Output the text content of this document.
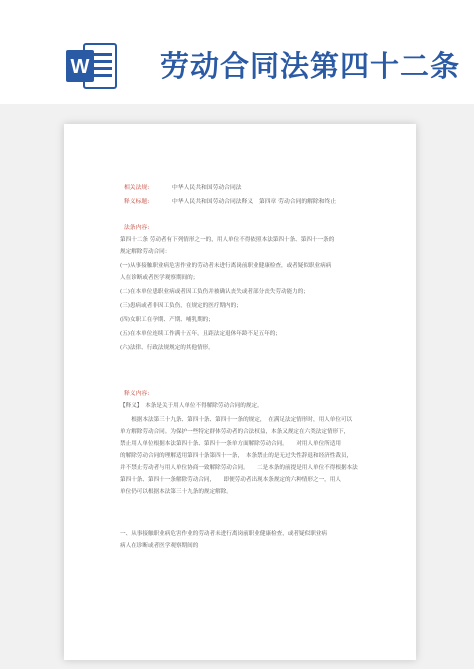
W 劳动合同法第四十二条
相关法规:	中华人民共和国劳动合同法
释义标题:	中华人民共和国劳动合同法释义　第四章 劳动合同的解除和终止
法条内容:
第四十二条 劳动者有下列情形之一的，用人单位不得依照本法第四十条、第四十一条的
规定解除劳动合同：
(一)从事接触职业病危害作业的劳动者未进行离岗前职业健康检查，或者疑似职业病病
人在诊断或者医学观察期间的；
(二)在本单位患职业病或者因工负伤并被确认丧失或者部分丧失劳动能力的；
(三)患病或者非因工负伤，在规定的医疗期内的；
(四)女职工在孕期、产期、哺乳期的；
(五)在本单位连续工作满十五年，且距法定退休年龄不足五年的；
(六)法律、行政法规规定的其他情形。
释义内容:
【释义】　本条是关于用人单位不得解除劳动合同的规定。
　　根据本法第三十九条、第四十条、第四十一条的规定，　在满足法定情形时，用人单位可以
单方解除劳动合同。为保护一些特定群体劳动者的合法权益，本条又规定在六类法定情形下，
禁止用人单位根据本法第四十条、第四十一条单方面解除劳动合同。　　对用人单位所适用
的解除劳动合同的理解适用第四十条第四十一条，　本条禁止的是无过失性辞退和经济性裁员，
并不禁止劳动者与用人单位协商一致解除劳动合同。　　二是本条的前提是用人单位不得根据本法
第四十条、第四十一条解除劳动合同，　　即便劳动者出现本条规定的六种情形之一，用人
单位仍可以根据本法第三十九条的规定解除。
一、从事接触职业病危害作业的劳动者未进行离岗前职业健康检查，或者疑似职业病
病人在诊断或者医学观察期间的
